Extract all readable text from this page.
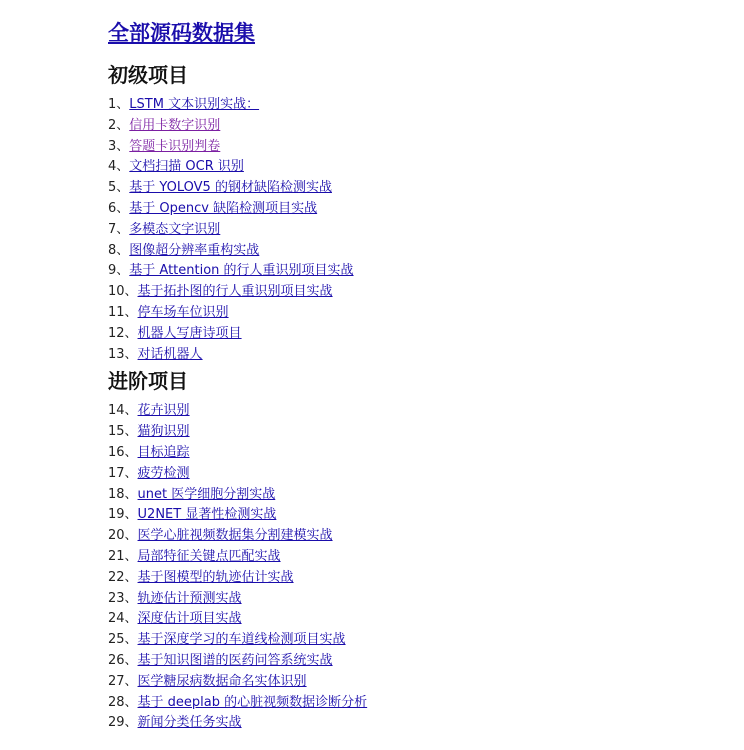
全部源码数据集
初级项目
1、LSTM 文本识别实战：
2、信用卡数字识别
3、答题卡识别判卷
4、文档扫描 OCR 识别
5、基于 YOLOV5 的钢材缺陷检测实战
6、基于 Opencv 缺陷检测项目实战
7、多模态文字识别
8、图像超分辨率重构实战
9、基于 Attention 的行人重识别项目实战
10、基于拓扑图的行人重识别项目实战
11、停车场车位识别
12、机器人写唐诗项目
13、对话机器人
进阶项目
14、花卉识别
15、猫狗识别
16、目标追踪
17、疲劳检测
18、unet 医学细胞分割实战
19、U2NET 显著性检测实战
20、医学心脏视频数据集分割建模实战
21、局部特征关键点匹配实战
22、基于图模型的轨迹估计实战
23、轨迹估计预测实战
24、深度估计项目实战
25、基于深度学习的车道线检测项目实战
26、基于知识图谱的医药问答系统实战
27、医学糖尿病数据命名实体识别
28、基于 deeplab 的心脏视频数据诊断分析
29、新闻分类任务实战
